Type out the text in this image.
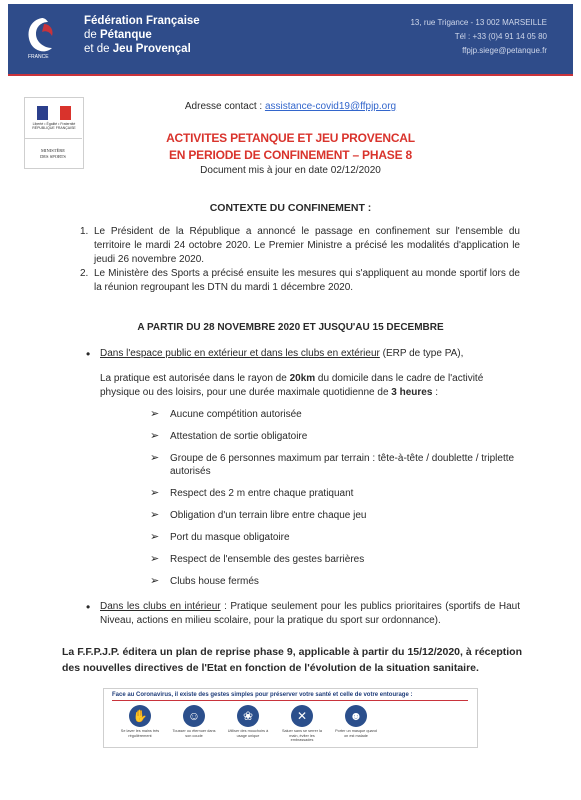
FRANCE
Fédération Française
de Pétanque
et de Jeu Provençal
13, rue Trigance - 13 002 MARSEILLE
Tél : +33 (0)4 91 14 05 80
ffpjp.siege@petanque.fr
Liberté • Égalité • Fraternité RÉPUBLIQUE FRANÇAISE
MINISTÈRE
DES SPORTS
Adresse contact : assistance-covid19@ffpjp.org
ACTIVITES PETANQUE ET JEU PROVENCAL
EN PERIODE DE CONFINEMENT – PHASE 8
Document mis à jour en date 02/12/2020
CONTEXTE DU CONFINEMENT :
1. Le Président de la République a annoncé le passage en confinement sur l'ensemble du territoire le mardi 24 octobre 2020. Le Premier Ministre a précisé les modalités d'application le jeudi 26 novembre 2020.
2. Le Ministère des Sports a précisé ensuite les mesures qui s'appliquent au monde sportif lors de la réunion regroupant les DTN du mardi 1 décembre 2020.
A PARTIR DU 28 NOVEMBRE 2020 ET JUSQU'AU 15 DECEMBRE
• Dans l'espace public en extérieur et dans les clubs en extérieur (ERP de type PA),
La pratique est autorisée dans le rayon de 20km du domicile dans le cadre de l'activité physique ou des loisirs, pour une durée maximale quotidienne de 3 heures :
➢ Aucune compétition autorisée
➢ Attestation de sortie obligatoire
➢ Groupe de 6 personnes maximum par terrain : tête-à-tête / doublette / triplette autorisés
➢ Respect des 2 m entre chaque pratiquant
➢ Obligation d'un terrain libre entre chaque jeu
➢ Port du masque obligatoire
➢ Respect de l'ensemble des gestes barrières
➢ Clubs house fermés
• Dans les clubs en intérieur : Pratique seulement pour les publics prioritaires (sportifs de Haut Niveau, actions en milieu scolaire, pour la pratique du sport sur ordonnance).
La F.F.P.J.P. éditera un plan de reprise phase 9, applicable à partir du 15/12/2020, à réception des nouvelles directives de l'Etat en fonction de l'évolution de la situation sanitaire.
Face au Coronavirus, il existe des gestes simples pour préserver votre santé et celle de votre entourage :
✋
Se laver les mains très régulièrement
☺
Tousser ou éternuer dans son coude
❀
Utiliser des mouchoirs à usage unique
✕
Saluer sans se serrer la main, éviter les embrassades
☻
Porter un masque quand on est malade
